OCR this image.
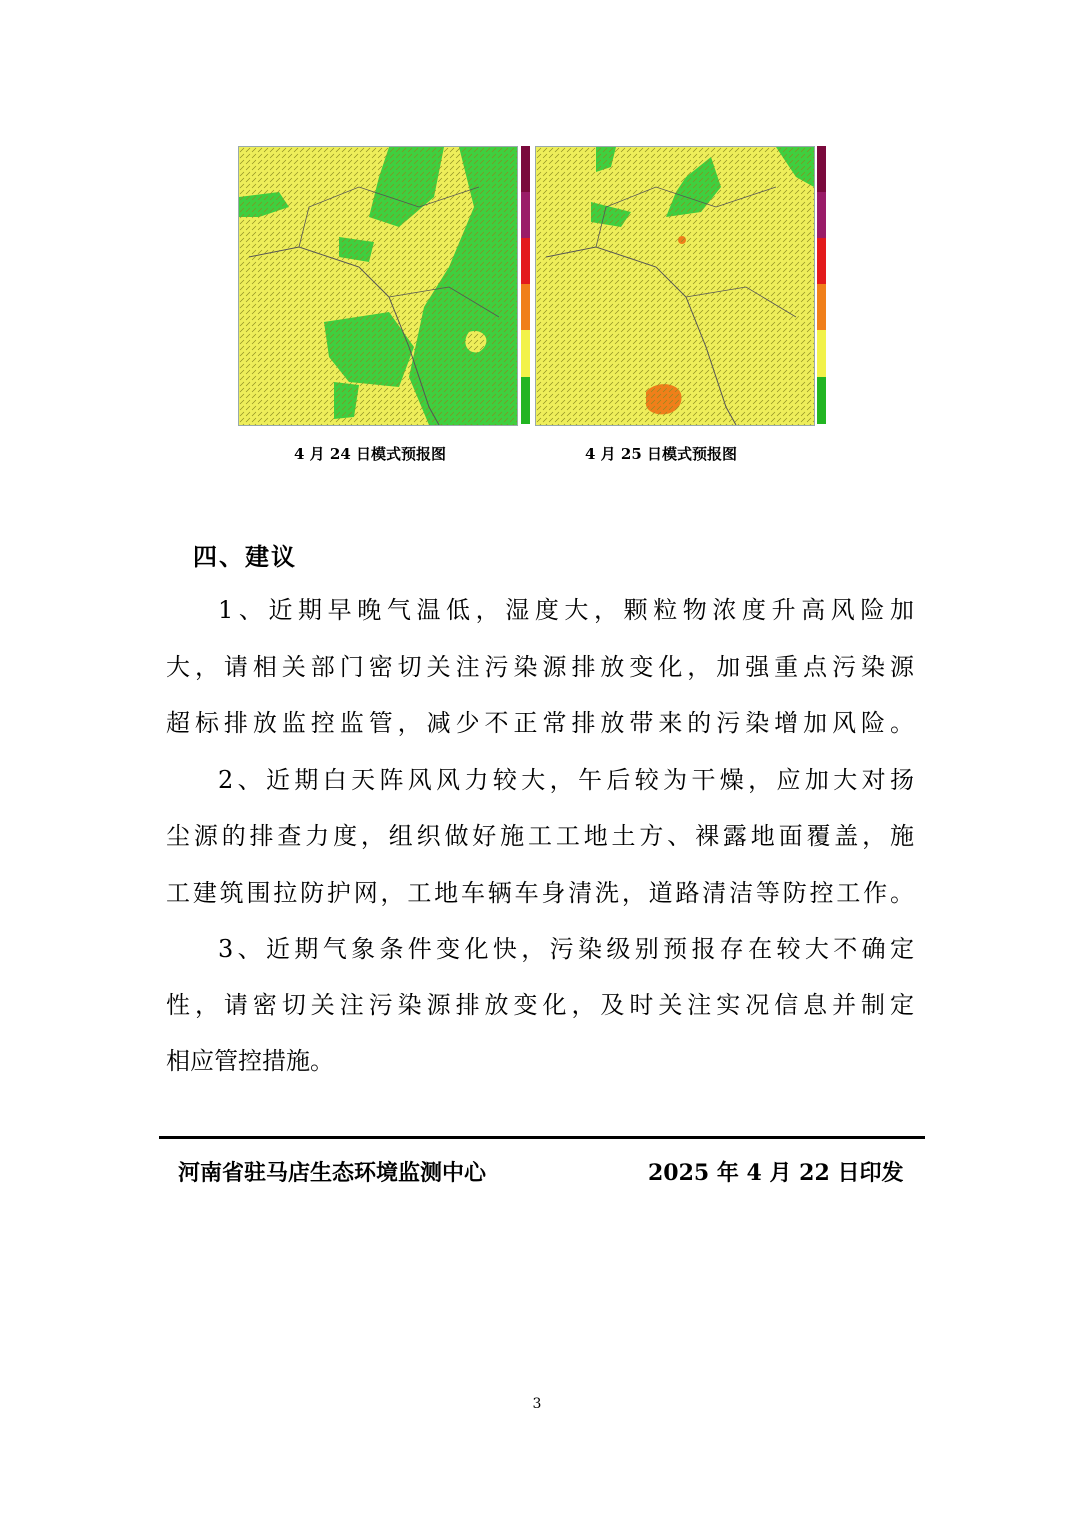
4 月 24 日模式预报图	4 月 25 日模式预报图
四、建议
1、近期早晚气温低，湿度大，颗粒物浓度升高风险加
大，请相关部门密切关注污染源排放变化，加强重点污染源
超标排放监控监管，减少不正常排放带来的污染增加风险。
2、近期白天阵风风力较大，午后较为干燥，应加大对扬
尘源的排查力度，组织做好施工工地土方、裸露地面覆盖，施
工建筑围拉防护网，工地车辆车身清洗，道路清洁等防控工作。
3、近期气象条件变化快，污染级别预报存在较大不确定
性，请密切关注污染源排放变化，及时关注实况信息并制定
相应管控措施。
河南省驻马店生态环境监测中心	2025 年 4 月 22 日印发
3
